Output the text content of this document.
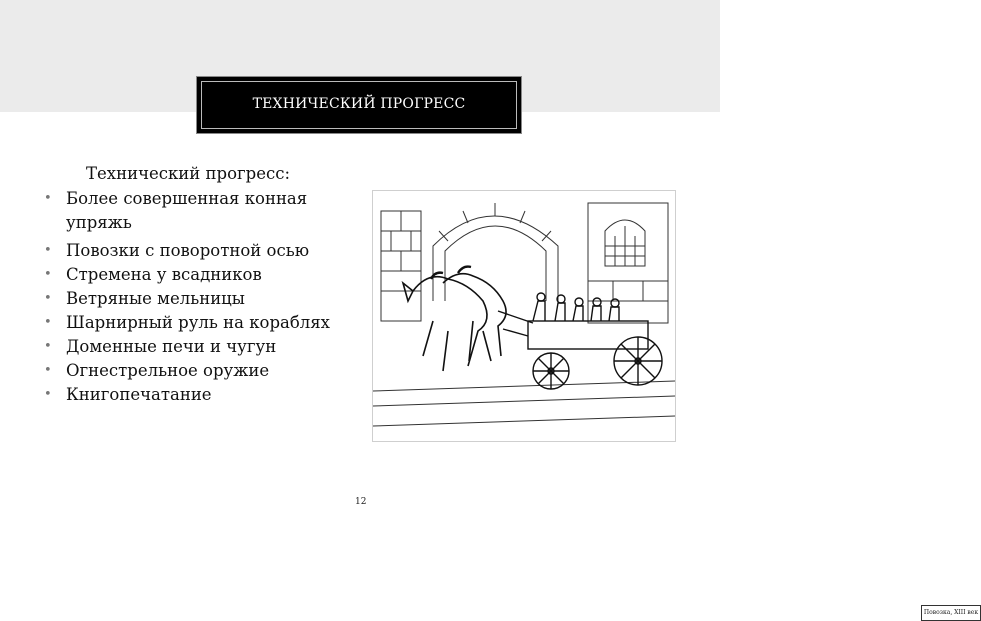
ТЕХНИЧЕСКИЙ ПРОГРЕСС
Технический прогресс:
• Более совершенная конная упряжь
• Повозки с поворотной осью
• Стремена у всадников
• Ветряные мельницы
• Шарнирный руль на кораблях
• Доменные печи и чугун
• Огнестрельное оружие
• Книгопечатание
Повозка, XIII век
12
